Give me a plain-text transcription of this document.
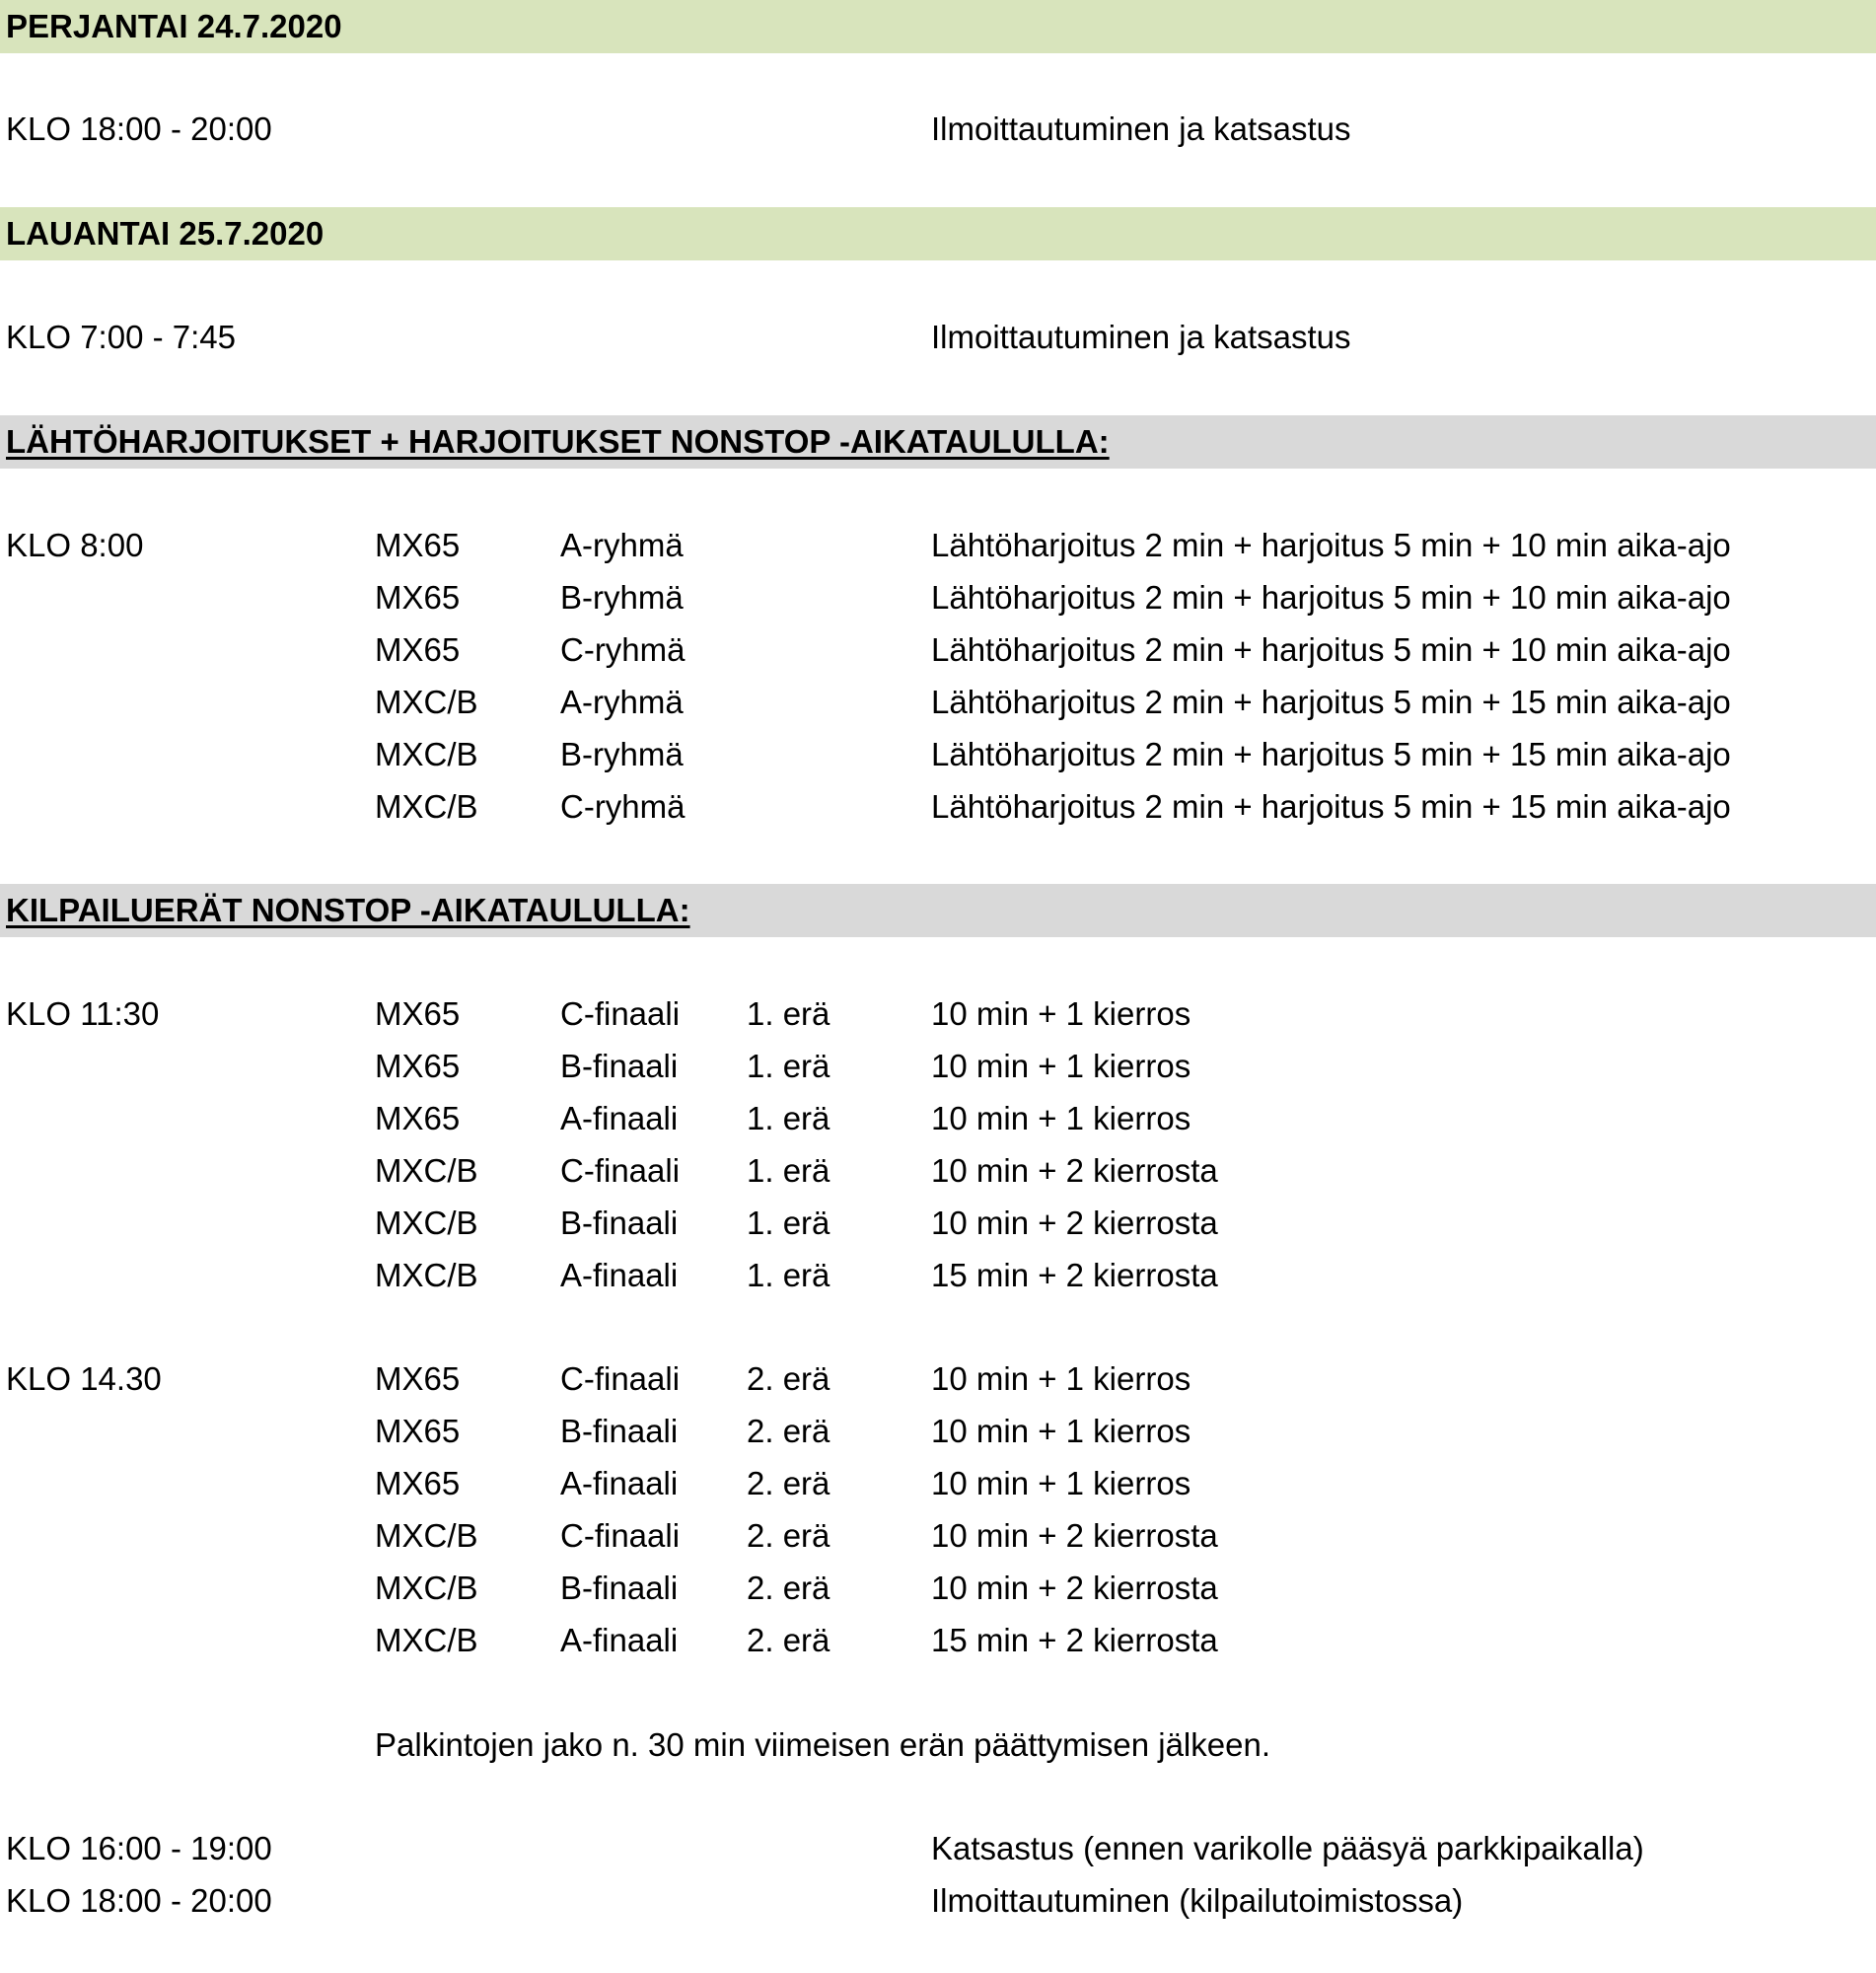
PERJANTAI 24.7.2020
KLO 18:00 - 20:00	Ilmoittautuminen ja katsastus
LAUANTAI 25.7.2020
KLO 7:00 - 7:45	Ilmoittautuminen ja katsastus
LÄHTÖHARJOITUKSET + HARJOITUKSET NONSTOP -AIKATAULULLA:
KLO 8:00	MX65	A-ryhmä	Lähtöharjoitus 2 min + harjoitus 5 min + 10 min aika-ajo
MX65	B-ryhmä	Lähtöharjoitus 2 min + harjoitus 5 min + 10 min aika-ajo
MX65	C-ryhmä	Lähtöharjoitus 2 min + harjoitus 5 min + 10 min aika-ajo
MXC/B	A-ryhmä	Lähtöharjoitus 2 min + harjoitus 5 min + 15 min aika-ajo
MXC/B	B-ryhmä	Lähtöharjoitus 2 min + harjoitus 5 min + 15 min aika-ajo
MXC/B	C-ryhmä	Lähtöharjoitus 2 min + harjoitus 5 min + 15 min aika-ajo
KILPAILUERÄT NONSTOP -AIKATAULULLA:
KLO 11:30	MX65	C-finaali 1. erä	10 min + 1 kierros
MX65	B-finaali 1. erä	10 min + 1 kierros
MX65	A-finaali 1. erä	10 min + 1 kierros
MXC/B	C-finaali 1. erä	10 min + 2 kierrosta
MXC/B	B-finaali 1. erä	10 min + 2 kierrosta
MXC/B	A-finaali 1. erä	15 min + 2 kierrosta
KLO 14.30	MX65	C-finaali 2. erä	10 min + 1 kierros
MX65	B-finaali 2. erä	10 min + 1 kierros
MX65	A-finaali 2. erä	10 min + 1 kierros
MXC/B	C-finaali 2. erä	10 min + 2 kierrosta
MXC/B	B-finaali 2. erä	10 min + 2 kierrosta
MXC/B	A-finaali 2. erä	15 min + 2 kierrosta
Palkintojen jako n. 30 min viimeisen erän päättymisen jälkeen.
KLO 16:00 - 19:00	Katsastus (ennen varikolle pääsyä parkkipaikalla)
KLO 18:00 - 20:00	Ilmoittautuminen (kilpailutoimistossa)
